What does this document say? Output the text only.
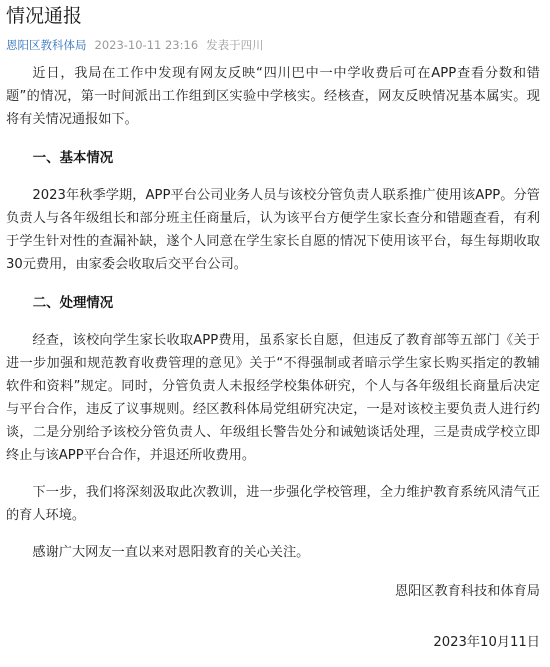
情况通报
恩阳区教科体局 2023-10-11 23:16 发表于四川

近日，我局在工作中发现有网友反映“四川巴中一中学收费后可在APP查看分数和错题”的情况，第一时间派出工作组到区实验中学核实。经核查，网友反映情况基本属实。现将有关情况通报如下。

一、基本情况

2023年秋季学期，APP平台公司业务人员与该校分管负责人联系推广使用该APP。分管负责人与各年级组长和部分班主任商量后，认为该平台方便学生家长查分和错题查看，有利于学生针对性的查漏补缺，遂个人同意在学生家长自愿的情况下使用该平台，每生每期收取30元费用，由家委会收取后交平台公司。

二、处理情况

经查，该校向学生家长收取APP费用，虽系家长自愿，但违反了教育部等五部门《关于进一步加强和规范教育收费管理的意见》关于“不得强制或者暗示学生家长购买指定的教辅软件和资料”规定。同时，分管负责人未报经学校集体研究，个人与各年级组长商量后决定与平台合作，违反了议事规则。经区教科体局党组研究决定，一是对该校主要负责人进行约谈，二是分别给予该校分管负责人、年级组长警告处分和诫勉谈话处理，三是责成学校立即终止与该APP平台合作，并退还所收费用。

下一步，我们将深刻汲取此次教训，进一步强化学校管理，全力维护教育系统风清气正的育人环境。

感谢广大网友一直以来对恩阳教育的关心关注。

恩阳区教育科技和体育局

2023年10月11日
